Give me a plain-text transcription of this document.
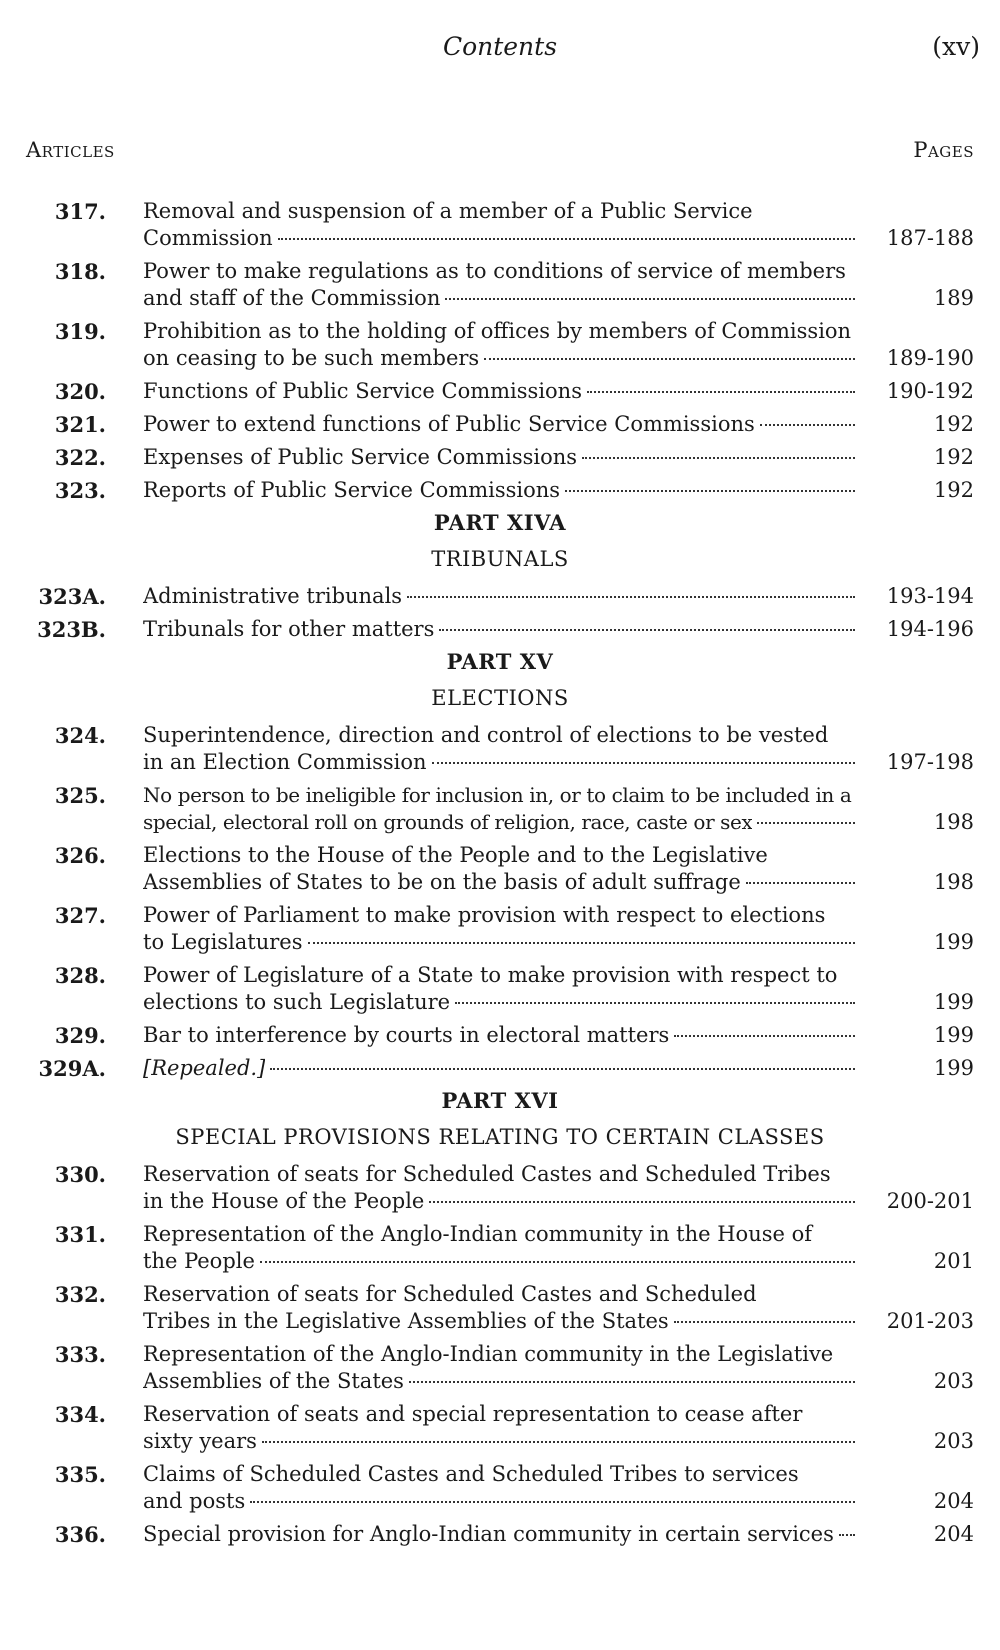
Contents	(xv)
Articles	Pages
317. Removal and suspension of a member of a Public Service
Commission	187-188
318. Power to make regulations as to conditions of service of members
and staff of the Commission	189
319. Prohibition as to the holding of offices by members of Commission
on ceasing to be such members	189-190
320. Functions of Public Service Commissions	190-192
321. Power to extend functions of Public Service Commissions	192
322. Expenses of Public Service Commissions	192
323. Reports of Public Service Commissions	192
PART XIVA
TRIBUNALS
323A. Administrative tribunals	193-194
323B. Tribunals for other matters	194-196
PART XV
ELECTIONS
324. Superintendence, direction and control of elections to be vested
in an Election Commission	197-198
325. No person to be ineligible for inclusion in, or to claim to be included in a
special, electoral roll on grounds of religion, race, caste or sex	198
326. Elections to the House of the People and to the Legislative
Assemblies of States to be on the basis of adult suffrage	198
327. Power of Parliament to make provision with respect to elections
to Legislatures	199
328. Power of Legislature of a State to make provision with respect to
elections to such Legislature	199
329. Bar to interference by courts in electoral matters	199
329A. [Repealed.]	199
PART XVI
SPECIAL PROVISIONS RELATING TO CERTAIN CLASSES
330. Reservation of seats for Scheduled Castes and Scheduled Tribes
in the House of the People	200-201
331. Representation of the Anglo-Indian community in the House of
the People	201
332. Reservation of seats for Scheduled Castes and Scheduled
Tribes in the Legislative Assemblies of the States	201-203
333. Representation of the Anglo-Indian community in the Legislative
Assemblies of the States	203
334. Reservation of seats and special representation to cease after
sixty years	203
335. Claims of Scheduled Castes and Scheduled Tribes to services
and posts	204
336. Special provision for Anglo-Indian community in certain services	204
